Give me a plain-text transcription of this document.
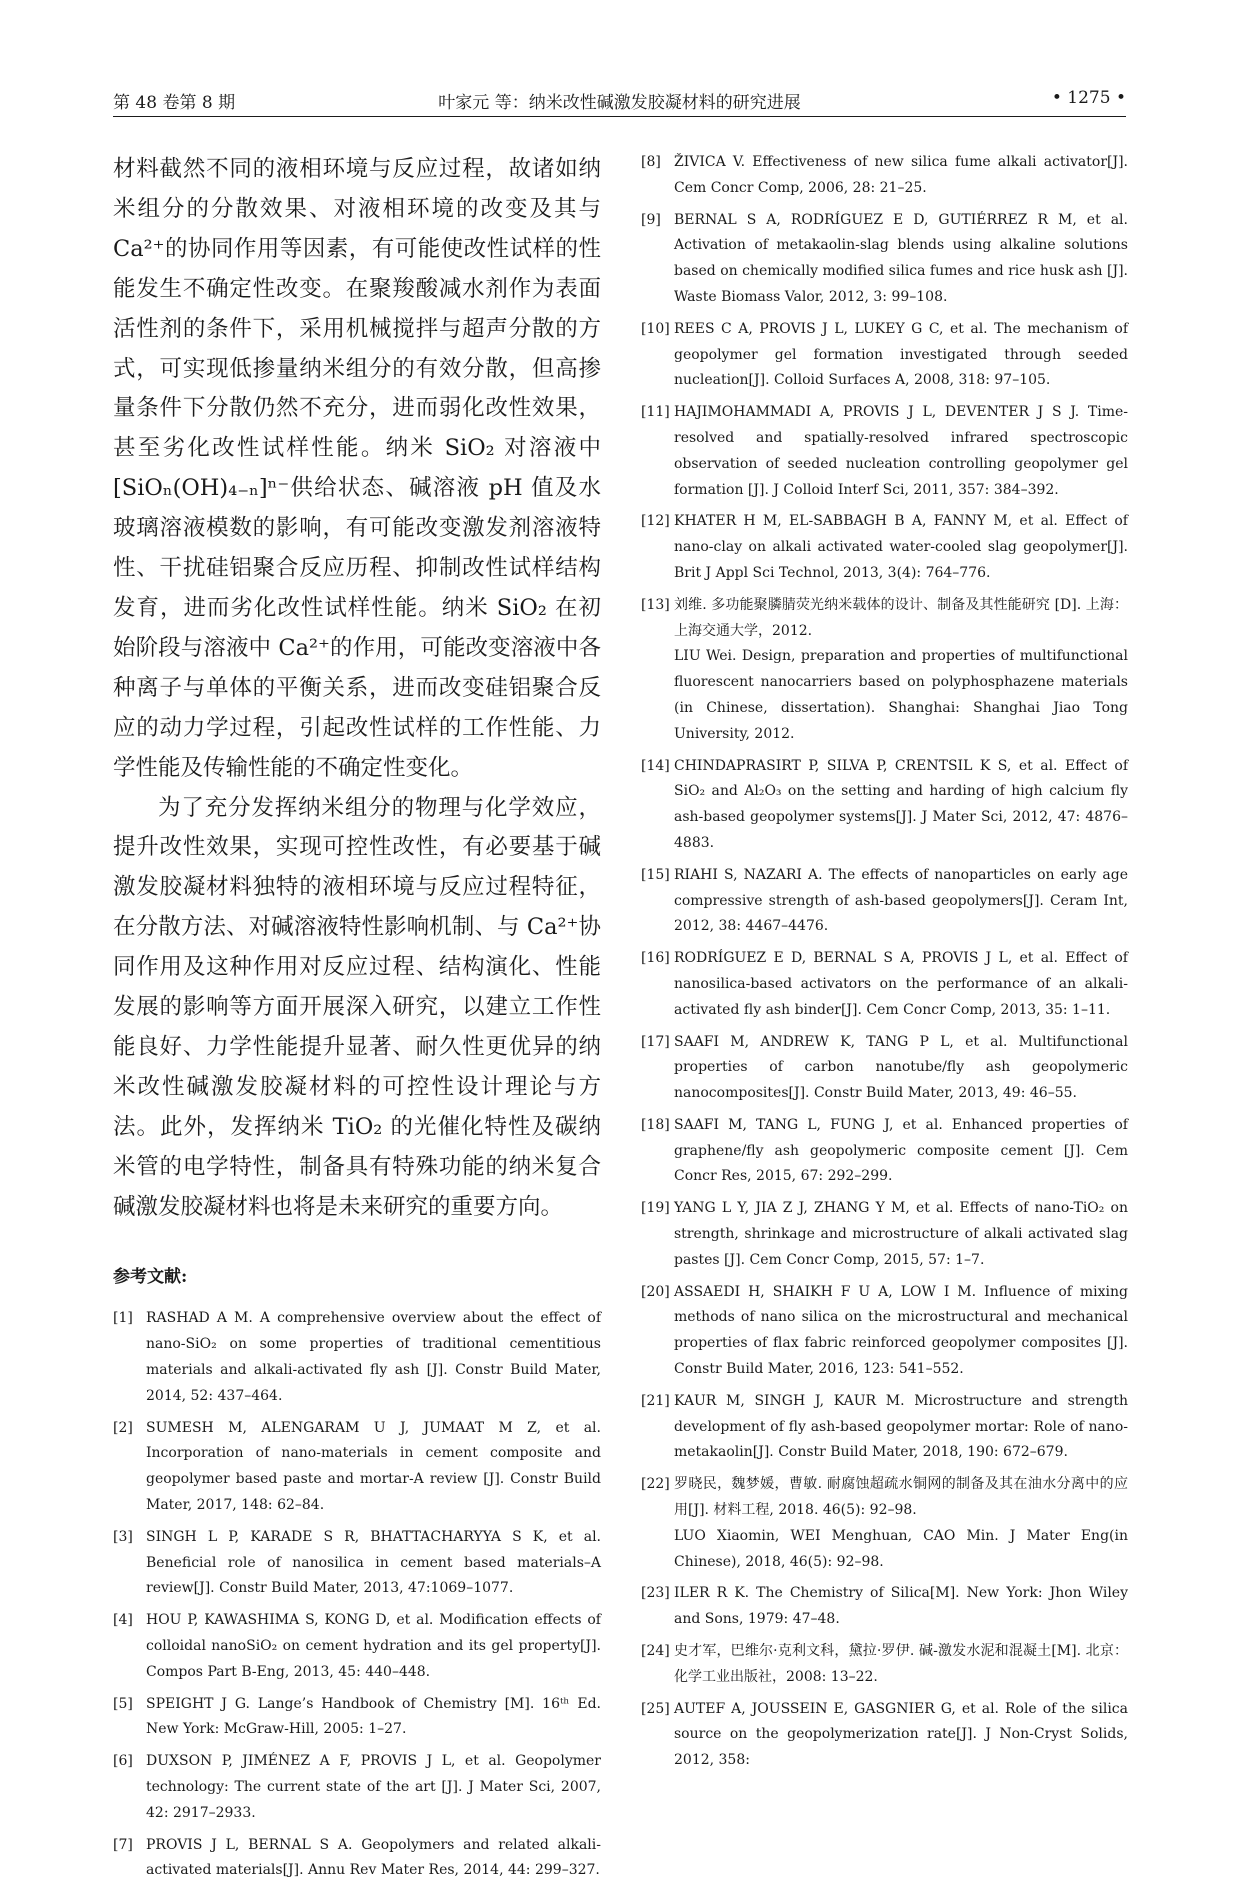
第 48 卷第 8 期	叶家元 等：纳米改性碱激发胶凝材料的研究进展	• 1275 •

材料截然不同的液相环境与反应过程，故诸如纳米组分的分散效果、对液相环境的改变及其与 Ca²⁺的协同作用等因素，有可能使改性试样的性能发生不确定性改变。在聚羧酸减水剂作为表面活性剂的条件下，采用机械搅拌与超声分散的方式，可实现低掺量纳米组分的有效分散，但高掺量条件下分散仍然不充分，进而弱化改性效果，甚至劣化改性试样性能。纳米 SiO₂ 对溶液中[SiOₙ(OH)₄₋ₙ]ⁿ⁻供给状态、碱溶液 pH 值及水玻璃溶液模数的影响，有可能改变激发剂溶液特性、干扰硅铝聚合反应历程、抑制改性试样结构发育，进而劣化改性试样性能。纳米 SiO₂ 在初始阶段与溶液中 Ca²⁺的作用，可能改变溶液中各种离子与单体的平衡关系，进而改变硅铝聚合反应的动力学过程，引起改性试样的工作性能、力学性能及传输性能的不确定性变化。

为了充分发挥纳米组分的物理与化学效应，提升改性效果，实现可控性改性，有必要基于碱激发胶凝材料独特的液相环境与反应过程特征，在分散方法、对碱溶液特性影响机制、与 Ca²⁺协同作用及这种作用对反应过程、结构演化、性能发展的影响等方面开展深入研究，以建立工作性能良好、力学性能提升显著、耐久性更优异的纳米改性碱激发胶凝材料的可控性设计理论与方法。此外，发挥纳米 TiO₂ 的光催化特性及碳纳米管的电学特性，制备具有特殊功能的纳米复合碱激发胶凝材料也将是未来研究的重要方向。

参考文献:
[1] RASHAD A M. A comprehensive overview about the effect of nano-SiO₂ on some properties of traditional cementitious materials and alkali-activated fly ash [J]. Constr Build Mater, 2014, 52: 437–464.
[2] SUMESH M, ALENGARAM U J, JUMAAT M Z, et al. Incorporation of nano-materials in cement composite and geopolymer based paste and mortar-A review [J]. Constr Build Mater, 2017, 148: 62–84.
[3] SINGH L P, KARADE S R, BHATTACHARYYA S K, et al. Beneficial role of nanosilica in cement based materials–A review[J]. Constr Build Mater, 2013, 47:1069–1077.
[4] HOU P, KAWASHIMA S, KONG D, et al. Modification effects of colloidal nanoSiO₂ on cement hydration and its gel property[J]. Compos Part B-Eng, 2013, 45: 440–448.
[5] SPEIGHT J G. Lange’s Handbook of Chemistry [M]. 16ᵗʰ Ed. New York: McGraw-Hill, 2005: 1–27.
[6] DUXSON P, JIMÉNEZ A F, PROVIS J L, et al. Geopolymer technology: The current state of the art [J]. J Mater Sci, 2007, 42: 2917–2933.
[7] PROVIS J L, BERNAL S A. Geopolymers and related alkali-activated materials[J]. Annu Rev Mater Res, 2014, 44: 299–327.
[8] ŽIVICA V. Effectiveness of new silica fume alkali activator[J]. Cem Concr Comp, 2006, 28: 21–25.
[9] BERNAL S A, RODRÍGUEZ E D, GUTIÉRREZ R M, et al. Activation of metakaolin-slag blends using alkaline solutions based on chemically modified silica fumes and rice husk ash [J]. Waste Biomass Valor, 2012, 3: 99–108.
[10] REES C A, PROVIS J L, LUKEY G C, et al. The mechanism of geopolymer gel formation investigated through seeded nucleation[J]. Colloid Surfaces A, 2008, 318: 97–105.
[11] HAJIMOHAMMADI A, PROVIS J L, DEVENTER J S J. Time-resolved and spatially-resolved infrared spectroscopic observation of seeded nucleation controlling geopolymer gel formation [J]. J Colloid Interf Sci, 2011, 357: 384–392.
[12] KHATER H M, EL-SABBAGH B A, FANNY M, et al. Effect of nano-clay on alkali activated water-cooled slag geopolymer[J]. Brit J Appl Sci Technol, 2013, 3(4): 764–776.
[13] 刘维. 多功能聚膦腈荧光纳米载体的设计、制备及其性能研究 [D]. 上海：上海交通大学，2012.
LIU Wei. Design, preparation and properties of multifunctional fluorescent nanocarriers based on polyphosphazene materials (in Chinese, dissertation). Shanghai: Shanghai Jiao Tong University, 2012.
[14] CHINDAPRASIRT P, SILVA P, CRENTSIL K S, et al. Effect of SiO₂ and Al₂O₃ on the setting and harding of high calcium fly ash-based geopolymer systems[J]. J Mater Sci, 2012, 47: 4876–4883.
[15] RIAHI S, NAZARI A. The effects of nanoparticles on early age compressive strength of ash-based geopolymers[J]. Ceram Int, 2012, 38: 4467–4476.
[16] RODRÍGUEZ E D, BERNAL S A, PROVIS J L, et al. Effect of nanosilica-based activators on the performance of an alkali-activated fly ash binder[J]. Cem Concr Comp, 2013, 35: 1–11.
[17] SAAFI M, ANDREW K, TANG P L, et al. Multifunctional properties of carbon nanotube/fly ash geopolymeric nanocomposites[J]. Constr Build Mater, 2013, 49: 46–55.
[18] SAAFI M, TANG L, FUNG J, et al. Enhanced properties of graphene/fly ash geopolymeric composite cement [J]. Cem Concr Res, 2015, 67: 292–299.
[19] YANG L Y, JIA Z J, ZHANG Y M, et al. Effects of nano-TiO₂ on strength, shrinkage and microstructure of alkali activated slag pastes [J]. Cem Concr Comp, 2015, 57: 1–7.
[20] ASSAEDI H, SHAIKH F U A, LOW I M. Influence of mixing methods of nano silica on the microstructural and mechanical properties of flax fabric reinforced geopolymer composites [J]. Constr Build Mater, 2016, 123: 541–552.
[21] KAUR M, SINGH J, KAUR M. Microstructure and strength development of fly ash-based geopolymer mortar: Role of nano-metakaolin[J]. Constr Build Mater, 2018, 190: 672–679.
[22] 罗晓民，魏梦媛，曹敏. 耐腐蚀超疏水铜网的制备及其在油水分离中的应用[J]. 材料工程, 2018. 46(5): 92–98.
LUO Xiaomin, WEI Menghuan, CAO Min. J Mater Eng(in Chinese), 2018, 46(5): 92–98.
[23] ILER R K. The Chemistry of Silica[M]. New York: Jhon Wiley and Sons, 1979: 47–48.
[24] 史才军，巴维尔·克利文科，黛拉·罗伊. 碱-激发水泥和混凝土[M]. 北京：化学工业出版社，2008: 13–22.
[25] AUTEF A, JOUSSEIN E, GASGNIER G, et al. Role of the silica source on the geopolymerization rate[J]. J Non-Cryst Solids, 2012, 358:
